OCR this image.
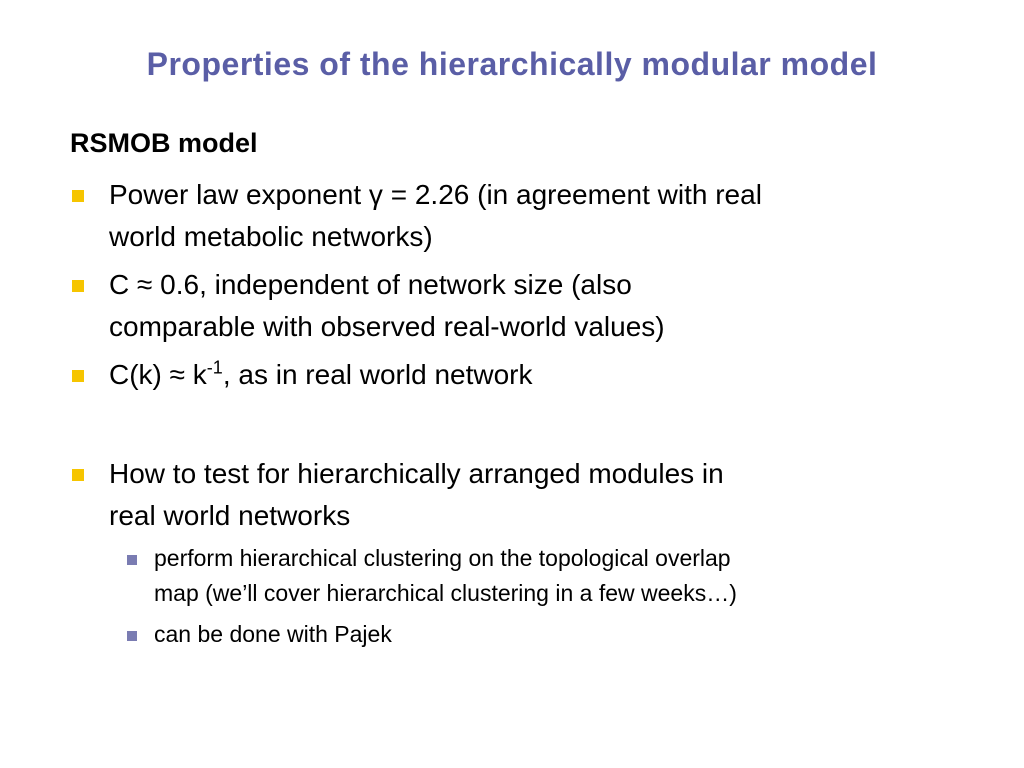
Properties of the hierarchically modular model
RSMOB model
Power law exponent γ = 2.26 (in agreement with real
world metabolic networks)
C ≈ 0.6, independent of network size (also
comparable with observed real-world values)
$C(k) \approx k^{-1}$, as in real world network
How to test for hierarchically arranged modules in
real world networks
perform hierarchical clustering on the topological overlap
map (we’ll cover hierarchical clustering in a few weeks…)
can be done with Pajek
